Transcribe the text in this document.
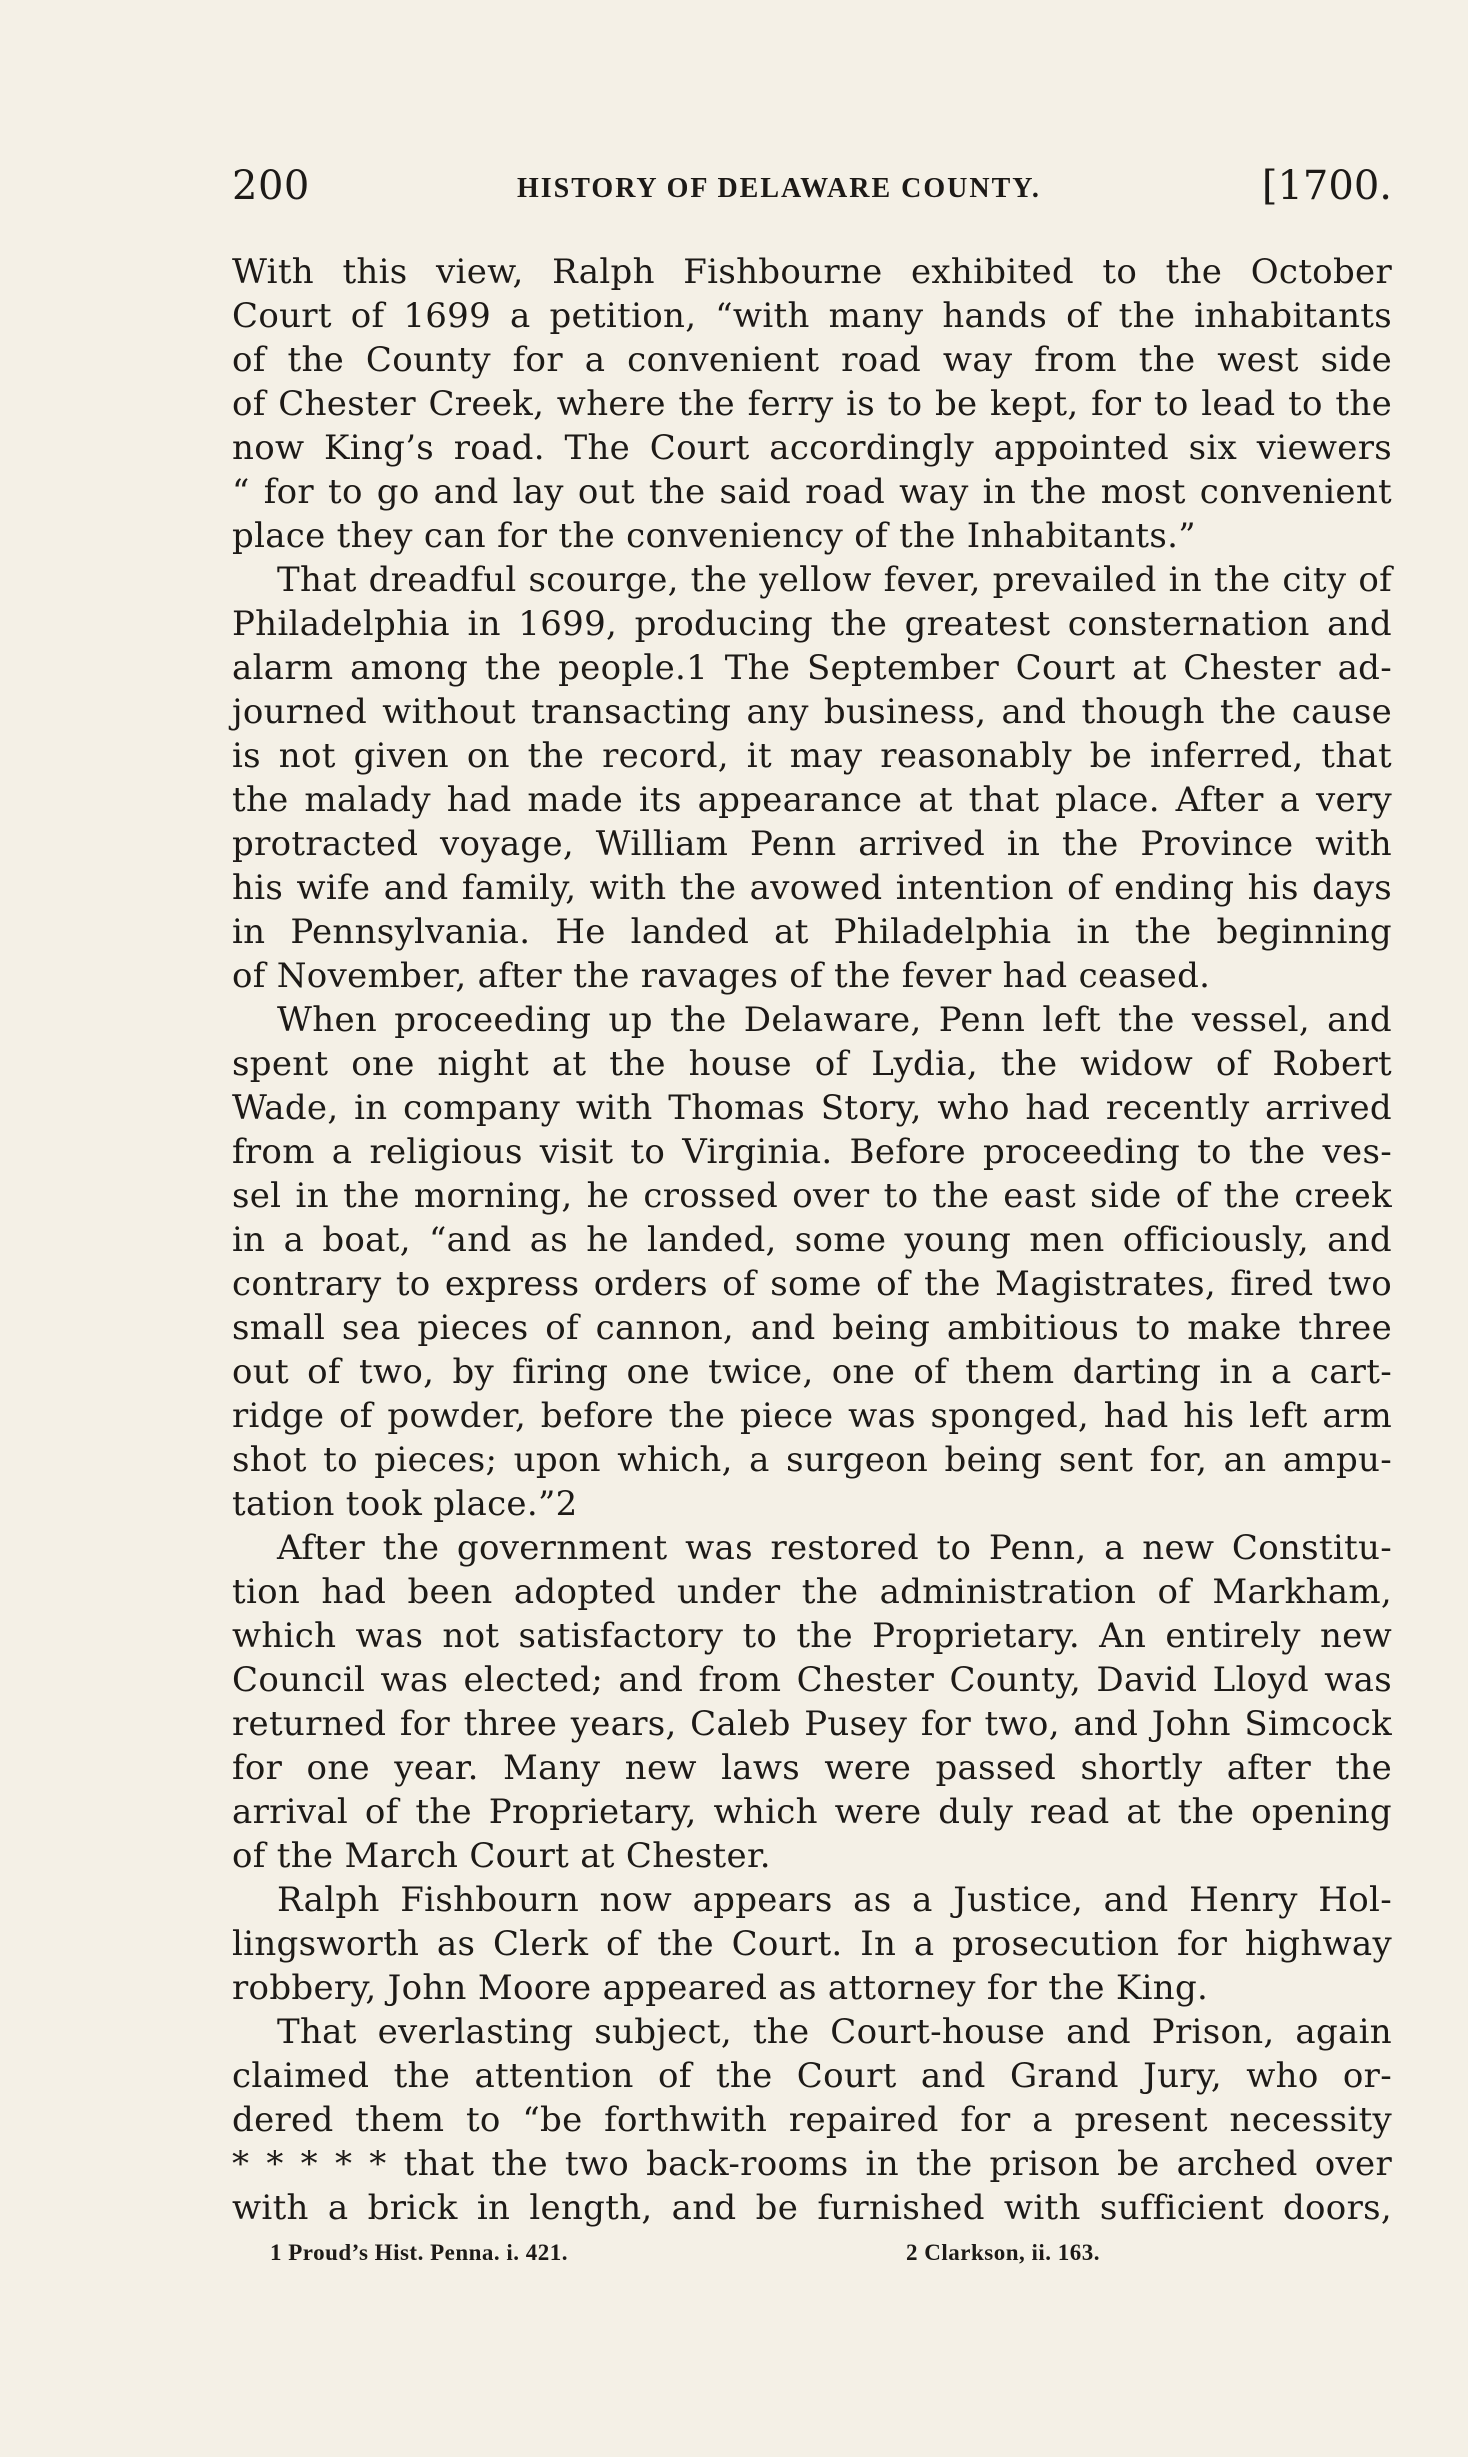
200	HISTORY OF DELAWARE COUNTY.	[1700.
With this view, Ralph Fishbourne exhibited to the October
Court of 1699 a petition, “with many hands of the inhabitants
of the County for a convenient road way from the west side
of Chester Creek, where the ferry is to be kept, for to lead to the
now King’s road. The Court accordingly appointed six viewers
“ for to go and lay out the said road way in the most convenient
place they can for the conveniency of the Inhabitants.”
That dreadful scourge, the yellow fever, prevailed in the city of
Philadelphia in 1699, producing the greatest consternation and
alarm among the people.1 The September Court at Chester ad-
journed without transacting any business, and though the cause
is not given on the record, it may reasonably be inferred, that
the malady had made its appearance at that place. After a very
protracted voyage, William Penn arrived in the Province with
his wife and family, with the avowed intention of ending his days
in Pennsylvania. He landed at Philadelphia in the beginning
of November, after the ravages of the fever had ceased.
When proceeding up the Delaware, Penn left the vessel, and
spent one night at the house of Lydia, the widow of Robert
Wade, in company with Thomas Story, who had recently arrived
from a religious visit to Virginia. Before proceeding to the ves-
sel in the morning, he crossed over to the east side of the creek
in a boat, “and as he landed, some young men officiously, and
contrary to express orders of some of the Magistrates, fired two
small sea pieces of cannon, and being ambitious to make three
out of two, by firing one twice, one of them darting in a cart-
ridge of powder, before the piece was sponged, had his left arm
shot to pieces; upon which, a surgeon being sent for, an ampu-
tation took place.”2
After the government was restored to Penn, a new Constitu-
tion had been adopted under the administration of Markham,
which was not satisfactory to the Proprietary. An entirely new
Council was elected; and from Chester County, David Lloyd was
returned for three years, Caleb Pusey for two, and John Simcock
for one year. Many new laws were passed shortly after the
arrival of the Proprietary, which were duly read at the opening
of the March Court at Chester.
Ralph Fishbourn now appears as a Justice, and Henry Hol-
lingsworth as Clerk of the Court. In a prosecution for highway
robbery, John Moore appeared as attorney for the King.
That everlasting subject, the Court-house and Prison, again
claimed the attention of the Court and Grand Jury, who or-
dered them to “be forthwith repaired for a present necessity
* * * * * that the two back-rooms in the prison be arched over
with a brick in length, and be furnished with sufficient doors,
1 Proud’s Hist. Penna. i. 421.	2 Clarkson, ii. 163.
